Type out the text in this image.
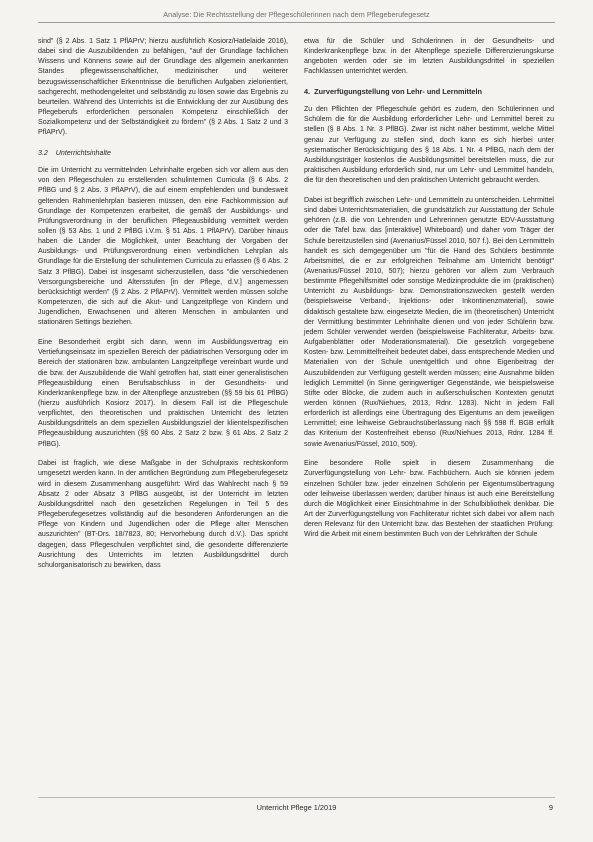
Analyse: Die Rechtsstellung der Pflegeschülerinnen nach dem Pflegeberufegesetz

sind" (§ 2 Abs. 1 Satz 1 PflAPrV; hierzu ausführlich Kosiorz/Hatlelaide 2016), dabei sind die Auszubildenden zu befähigen, "auf der Grundlage fachlichen Wissens und Könnens sowie auf der Grundlage des allgemein anerkannten Standes pflegewissenschaftlicher, medizinischer und weiterer bezugswissenschaftlicher Erkenntnisse die beruflichen Aufgaben zielorientiert, sachgerecht, methodengeleitet und selbständig zu lösen sowie das Ergebnis zu beurteilen. Während des Unterrichts ist die Entwicklung der zur Ausübung des Pflegeberufs erforderlichen personalen Kompetenz einschließlich der Sozialkompetenz und der Selbständigkeit zu fördern" (§ 2 Abs. 1 Satz 2 und 3 PflAPrV).

3.2    Unterrichtsinhalte

Die im Unterricht zu vermittelnden Lehrinhalte ergeben sich vor allem aus den von den Pflegeschulen zu erstellenden schulinternen Curricula (§ 6 Abs. 2 PflBG und § 2 Abs. 3 PflAPrV), die auf einem empfehlenden und bundesweit geltenden Rahmenlehrplan basieren müssen, den eine Fachkommission auf Grundlage der Kompetenzen erarbeitet, die gemäß der Ausbildungs- und Prüfungsverordnung in der beruflichen Pflegeausbildung vermittelt werden sollen (§ 53 Abs. 1 und 2 PflBG i.V.m. § 51 Abs. 1 PflAPrV). Darüber hinaus haben die Länder die Möglichkeit, unter Beachtung der Vorgaben der Ausbildungs- und Prüfungsverordnung einen verbindlichen Lehrplan als Grundlage für die Erstellung der schulinternen Curricula zu erlassen (§ 6 Abs. 2 Satz 3 PflBG). Dabei ist insgesamt sicherzustellen, dass "die verschiedenen Versorgungsbereiche und Altersstufen [in der Pflege, d.V.] angemessen berücksichtigt werden" (§ 2 Abs. 2 PflAPrV). Vermittelt werden müssen solche Kompetenzen, die sich auf die Akut- und Langzeitpflege von Kindern und Jugendlichen, Erwachsenen und älteren Menschen in ambulanten und stationären Settings beziehen.

Eine Besonderheit ergibt sich dann, wenn im Ausbildungsvertrag ein Vertiefungseinsatz im speziellen Bereich der pädiatrischen Versorgung oder im Bereich der stationären bzw. ambulanten Langzeitpflege vereinbart wurde und die bzw. der Auszubildende die Wahl getroffen hat, statt einer generalistischen Pflegeausbildung einen Berufsabschluss in der Gesundheits- und Kinderkrankenpflege bzw. in der Altenpflege anzustreben (§§ 59 bis 61 PflBG) (hierzu ausführlich Kosiorz 2017). In diesem Fall ist die Pflegeschule verpflichtet, den theoretischen und praktischen Unterricht des letzten Ausbildungsdrittels an dem speziellen Ausbildungsziel der klientelspezifischen Pflegeausbildung auszurichten (§§ 60 Abs. 2 Satz 2 bzw. § 61 Abs. 2 Satz 2 PflBG).

Dabei ist fraglich, wie diese Maßgabe in der Schulpraxis rechtskonform umgesetzt werden kann. In der amtlichen Begründung zum Pflegeberufegesetz wird in diesem Zusammenhang ausgeführt: Wird das Wahlrecht nach § 59 Absatz 2 oder Absatz 3 PflBG ausgeübt, ist der Unterricht im letzten Ausbildungsdrittel nach den gesetzlichen Regelungen in Teil 5 des Pflegeberufegesetzes vollständig auf die besonderen Anforderungen an die Pflege von Kindern und Jugendlichen oder die Pflege alter Menschen auszurichten" (BT-Drs. 18/7823, 80; Hervorhebung durch d.V.). Das spricht dagegen, dass Pflegeschulen verpflichtet sind, die gesonderte differenzierte Ausrichtung des Unterrichts im letzten Ausbildungsdrittel durch schulorganisatorisch zu bewirken, dass

etwa für die Schüler und Schülerinnen in der Gesundheits- und Kinderkrankenpflege bzw. in der Altenpflege spezielle Differenzierungskurse angeboten werden oder sie im letzten Ausbildungsdrittel in speziellen Fachklassen unterrichtet werden.

4.  Zurverfügungstellung von Lehr- und Lernmitteln

Zu den Pflichten der Pflegeschule gehört es zudem, den Schülerinnen und Schülern die für die Ausbildung erforderlicher Lehr- und Lernmittel bereit zu stellen (§ 8 Abs. 1 Nr. 3 PflBG). Zwar ist nicht näher bestimmt, welche Mittel genau zur Verfügung zu stellen sind, doch kann es sich hierbei unter systematischer Berücksichtigung des § 18 Abs. 1 Nr. 4 PflBG, nach dem der Ausbildungsträger kostenlos die Ausbildungsmittel bereitstellen muss, die zur praktischen Ausbildung erforderlich sind, nur um Lehr- und Lernmittel handeln, die für den theoretischen und den praktischen Unterricht gebraucht werden.

Dabei ist begrifflich zwischen Lehr- und Lernmitteln zu unterscheiden. Lehrmittel sind dabei Unterrichtsmaterialien, die grundsätzlich zur Ausstattung der Schule gehören (z.B. die von Lehrenden und Lehrerinnen genutzte EDV-Ausstattung oder die Tafel bzw. das [interaktive] Whiteboard) und daher vom Träger der Schule bereitzustellen sind (Avenarius/Füssel 2010, 507 f.). Bei den Lernmitteln handelt es sich demgegenüber um "für die Hand des Schülers bestimmte Arbeitsmittel, die er zur erfolgreichen Teilnahme am Unterricht benötigt" (Avenarius/Füssel 2010, 507); hierzu gehören vor allem zum Verbrauch bestimmte Pflegehilfsmittel oder sonstige Medizinprodukte die im (praktischen) Unterricht zu Ausbildungs- bzw. Demonstrationszwecken gestellt werden (beispielsweise Verband-, Injektions- oder Inkontinenzmaterial), sowie didaktisch gestaltete bzw. eingesetzte Medien, die im (theoretischen) Unterricht der Vermittlung bestimmter Lehrinhalte dienen und von jeder Schülerin bzw. jedem Schüler verwendet werden (beispielsweise Fachliteratur, Arbeits- bzw. Aufgabenblätter oder Moderationsmaterial). Die gesetzlich vorgegebene Kosten- bzw. Lernmittelfreiheit bedeutet dabei, dass entsprechende Medien und Materialien von der Schule unentgeltlich und ohne Eigenbeitrag der Auszubildenden zur Verfügung gestellt werden müssen; eine Ausnahme bilden lediglich Lernmittel (in Sinne geringwertiger Gegenstände, wie beispielsweise Stifte oder Blöcke, die zudem auch in außerschulischen Kontexten genutzt werden können (Rux/Niehues, 2013, Rdnr. 1283). Nicht in jedem Fall erforderlich ist allerdings eine Übertragung des Eigentums an dem jeweiligen Lernmittel; eine leihweise Gebrauchsüberlassung nach §§ 598 ff. BGB erfüllt das Kriterium der Kostenfreiheit ebenso (Rux/Niehues 2013, Rdnr. 1284 ff. sowie Avenarius/Füssel, 2010, 509).

Eine besondere Rolle spielt in diesem Zusammenhang die Zurverfügungstellung von Lehr- bzw. Fachbüchern. Auch sie können jedem einzelnen Schüler bzw. jeder einzelnen Schülerin per Eigentumsübertragung oder leihweise überlassen werden; darüber hinaus ist auch eine Bereitstellung durch die Möglichkeit einer Einsichtnahme in der Schulbibliothek denkbar. Die Art der Zurverfügungstellung von Fachliteratur richtet sich dabei vor allem nach deren Relevanz für den Unterricht bzw. das Bestehen der staatlichen Prüfung: Wird die Arbeit mit einem bestimmten Buch von der Lehrkräften der Schule

Unterricht Pflege 1/2019	9
